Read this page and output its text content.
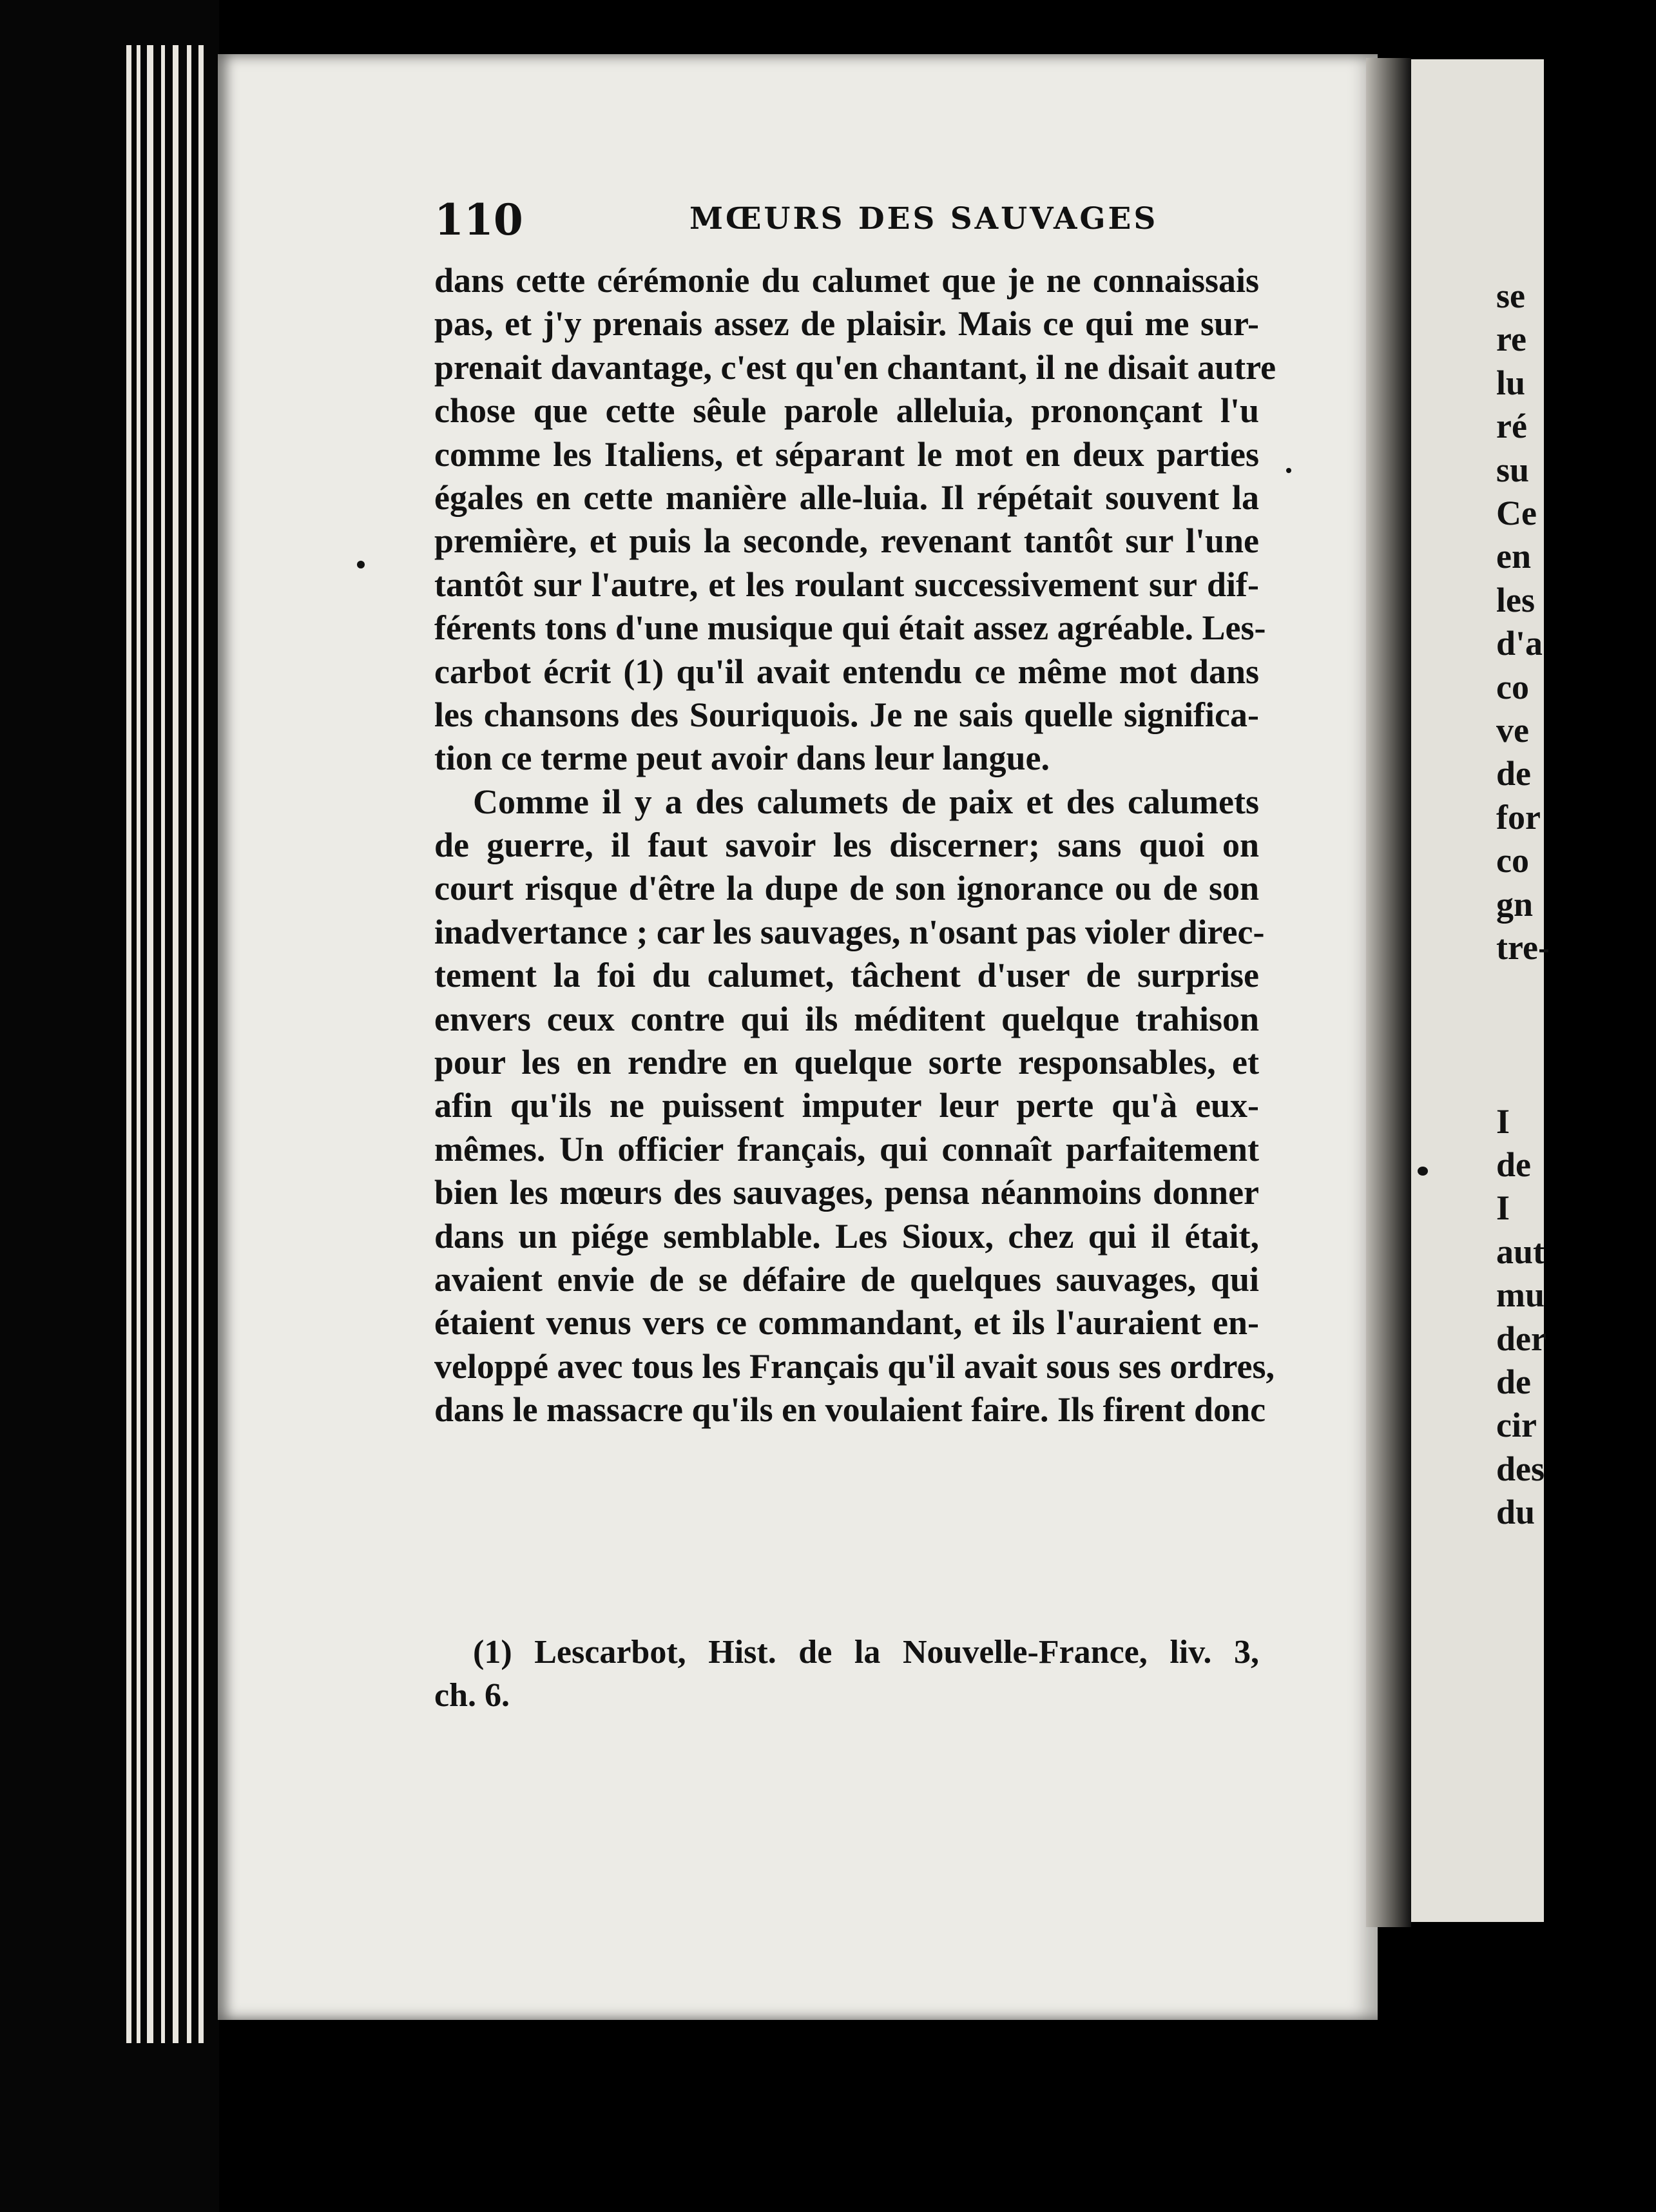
110	MŒURS DES SAUVAGES
dans cette cérémonie du calumet que je ne connaissais
pas, et j'y prenais assez de plaisir. Mais ce qui me sur-
prenait davantage, c'est qu'en chantant, il ne disait autre
chose que cette sêule parole alleluia, prononçant l'u
comme les Italiens, et séparant le mot en deux parties
égales en cette manière alle-luia. Il répétait souvent la
première, et puis la seconde, revenant tantôt sur l'une
tantôt sur l'autre, et les roulant successivement sur dif-
férents tons d'une musique qui était assez agréable. Les-
carbot écrit (1) qu'il avait entendu ce même mot dans
les chansons des Souriquois. Je ne sais quelle significa-
tion ce terme peut avoir dans leur langue.
Comme il y a des calumets de paix et des calumets
de guerre, il faut savoir les discerner; sans quoi on
court risque d'être la dupe de son ignorance ou de son
inadvertance ; car les sauvages, n'osant pas violer direc-
tement la foi du calumet, tâchent d'user de surprise
envers ceux contre qui ils méditent quelque trahison
pour les en rendre en quelque sorte responsables, et
afin qu'ils ne puissent imputer leur perte qu'à eux-
mêmes. Un officier français, qui connaît parfaitement
bien les mœurs des sauvages, pensa néanmoins donner
dans un piége semblable. Les Sioux, chez qui il était,
avaient envie de se défaire de quelques sauvages, qui
étaient venus vers ce commandant, et ils l'auraient en-
veloppé avec tous les Français qu'il avait sous ses ordres,
dans le massacre qu'ils en voulaient faire. Ils firent donc
(1) Lescarbot, Hist. de la Nouvelle-France, liv. 3,
ch. 6.
se
re
lu
ré
su
Ce
en
les
d'a
co
ve
de
for
co
gn
tre-
I
de
I
aut
mu
der
de
cir
des
du
